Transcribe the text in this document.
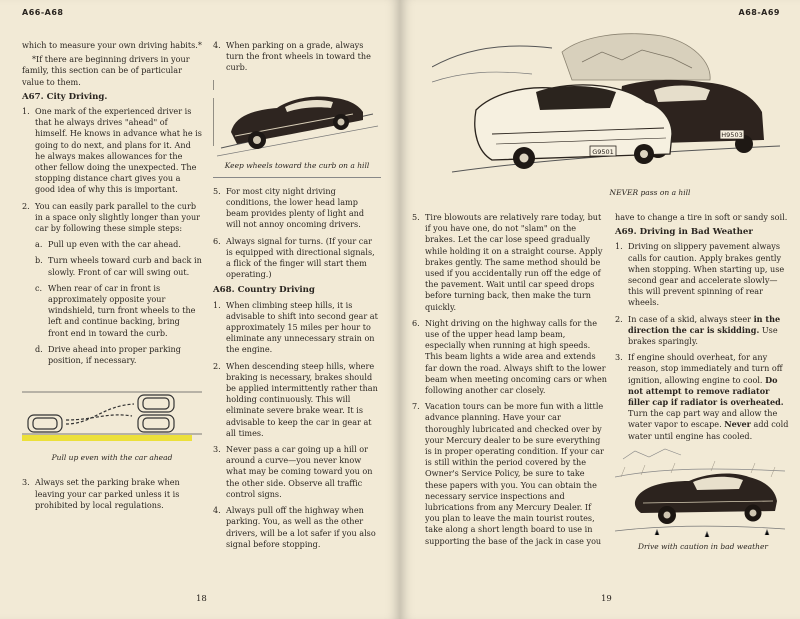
A66-A68

which to measure your own driving habits.*

*If there are beginning drivers in your family, this section can be of particular value to them.

A67. City Driving.
1. One mark of the experienced driver is that he always drives "ahead" of himself. He knows in advance what he is going to do next, and plans for it. And he always makes allowances for the other fellow doing the unexpected. The stopping distance chart gives you a good idea of why this is important.
2. You can easily park parallel to the curb in a space only slightly longer than your car by following these simple steps:
a. Pull up even with the car ahead.
b. Turn wheels toward curb and back in slowly. Front of car will swing out.
c. When rear of car in front is approximately opposite your windshield, turn front wheels to the left and continue backing, bring front end in toward the curb.
d. Drive ahead into proper parking position, if necessary.
Pull up even with the car ahead
3. Always set the parking brake when leaving your car parked unless it is prohibited by local regulations.
4. When parking on a grade, always turn the front wheels in toward the curb.
Keep wheels toward the curb on a hill
5. For most city night driving conditions, the lower head lamp beam provides plenty of light and will not annoy oncoming drivers.
6. Always signal for turns. (If your car is equipped with directional signals, a flick of the finger will start them operating.)
A68. Country Driving
1. When climbing steep hills, it is advisable to shift into second gear at approximately 15 miles per hour to eliminate any unnecessary strain on the engine.
2. When descending steep hills, where braking is necessary, brakes should be applied intermittently rather than holding continuously. This will eliminate severe brake wear. It is advisable to keep the car in gear at all times.
3. Never pass a car going up a hill or around a curve—you never know what may be coming toward you on the other side. Observe all traffic control signs.
4. Always pull off the highway when parking. You, as well as the other drivers, will be a lot safer if you also signal before stopping.
18
A68-A69
G9501
H9503
NEVER pass on a hill
5. Tire blowouts are relatively rare today, but if you have one, do not "slam" on the brakes. Let the car lose speed gradually while holding it on a straight course. Apply brakes gently. The same method should be used if you accidentally run off the edge of the pavement. Wait until car speed drops before turning back, then make the turn quickly.
6. Night driving on the highway calls for the use of the upper head lamp beam, especially when running at high speeds. This beam lights a wide area and extends far down the road. Always shift to the lower beam when meeting oncoming cars or when following another car closely.
7. Vacation tours can be more fun with a little advance planning. Have your car thoroughly lubricated and checked over by your Mercury dealer to be sure everything is in proper operating condition. If your car is still within the period covered by the Owner's Service Policy, be sure to take these papers with you. You can obtain the necessary service inspections and lubrications from any Mercury Dealer. If you plan to leave the main tourist routes, take along a short length board to use in supporting the base of the jack in case you

have to change a tire in soft or sandy soil.

A69. Driving in Bad Weather
1. Driving on slippery pavement always calls for caution. Apply brakes gently when stopping. When starting up, use second gear and accelerate slowly—this will prevent spinning of rear wheels.
2. In case of a skid, always steer in the direction the car is skidding. Use brakes sparingly.
3. If engine should overheat, for any reason, stop immediately and turn off ignition, allowing engine to cool. Do not attempt to remove radiator filler cap if radiator is overheated. Turn the cap part way and allow the water vapor to escape. Never add cold water until engine has cooled.
Drive with caution in bad weather
19
